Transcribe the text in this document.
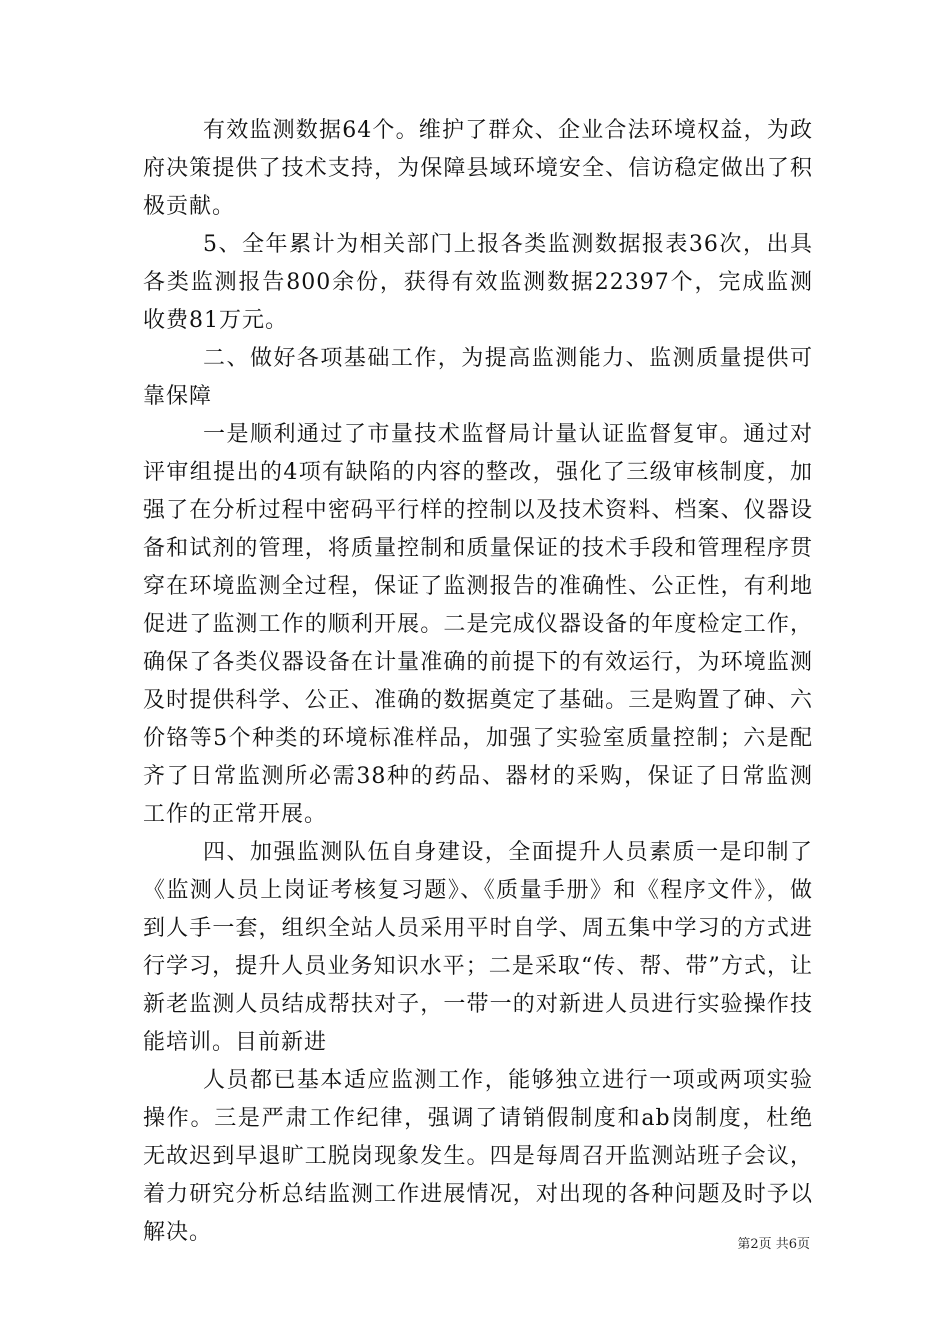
有效监测数据64个。维护了群众、企业合法环境权益，为政府决策提供了技术支持，为保障县域环境安全、信访稳定做出了积极贡献。

5、全年累计为相关部门上报各类监测数据报表36次，出具各类监测报告800余份，获得有效监测数据22397个，完成监测收费81万元。

二、做好各项基础工作，为提高监测能力、监测质量提供可靠保障

一是顺利通过了市量技术监督局计量认证监督复审。通过对评审组提出的4项有缺陷的内容的整改，强化了三级审核制度，加强了在分析过程中密码平行样的控制以及技术资料、档案、仪器设备和试剂的管理，将质量控制和质量保证的技术手段和管理程序贯穿在环境监测全过程，保证了监测报告的准确性、公正性，有利地促进了监测工作的顺利开展。二是完成仪器设备的年度检定工作，确保了各类仪器设备在计量准确的前提下的有效运行，为环境监测及时提供科学、公正、准确的数据奠定了基础。三是购置了砷、六价铬等5个种类的环境标准样品，加强了实验室质量控制；六是配齐了日常监测所必需38种的药品、器材的采购，保证了日常监测工作的正常开展。

四、加强监测队伍自身建设，全面提升人员素质一是印制了《监测人员上岗证考核复习题》、《质量手册》和《程序文件》，做到人手一套，组织全站人员采用平时自学、周五集中学习的方式进行学习，提升人员业务知识水平；二是采取“传、帮、带”方式，让新老监测人员结成帮扶对子，一带一的对新进人员进行实验操作技能培训。目前新进

人员都已基本适应监测工作，能够独立进行一项或两项实验操作。三是严肃工作纪律，强调了请销假制度和ab岗制度，杜绝无故迟到早退旷工脱岗现象发生。四是每周召开监测站班子会议，着力研究分析总结监测工作进展情况，对出现的各种问题及时予以解决。	第2页 共6页
